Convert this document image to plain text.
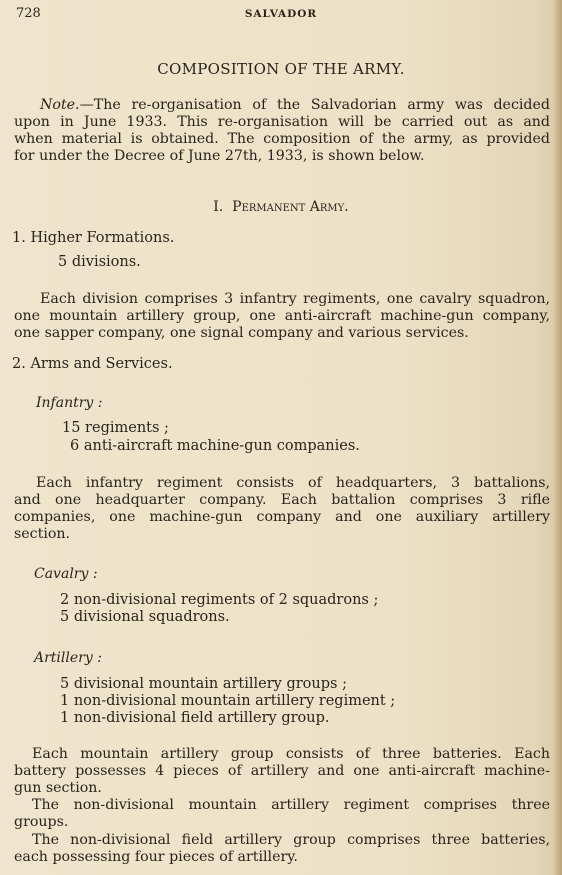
728	SALVADOR
COMPOSITION OF THE ARMY.
Note.—The re-organisation of the Salvadorian army was decided
upon in June 1933. This re-organisation will be carried out as and
when material is obtained. The composition of the army, as provided
for under the Decree of June 27th, 1933, is shown below.
I. Permanent Army.
1. Higher Formations.
5 divisions.
Each division comprises 3 infantry regiments, one cavalry squadron,
one mountain artillery group, one anti-aircraft machine-gun company,
one sapper company, one signal company and various services.
2. Arms and Services.
Infantry :
15 regiments ;
6 anti-aircraft machine-gun companies.
Each infantry regiment consists of headquarters, 3 battalions,
and one headquarter company. Each battalion comprises 3 rifle
companies, one machine-gun company and one auxiliary artillery
section.
Cavalry :
2 non-divisional regiments of 2 squadrons ;
5 divisional squadrons.
Artillery :
5 divisional mountain artillery groups ;
1 non-divisional mountain artillery regiment ;
1 non-divisional field artillery group.
Each mountain artillery group consists of three batteries. Each
battery possesses 4 pieces of artillery and one anti-aircraft machine-
gun section.
The non-divisional mountain artillery regiment comprises three
groups.
The non-divisional field artillery group comprises three batteries,
each possessing four pieces of artillery.
